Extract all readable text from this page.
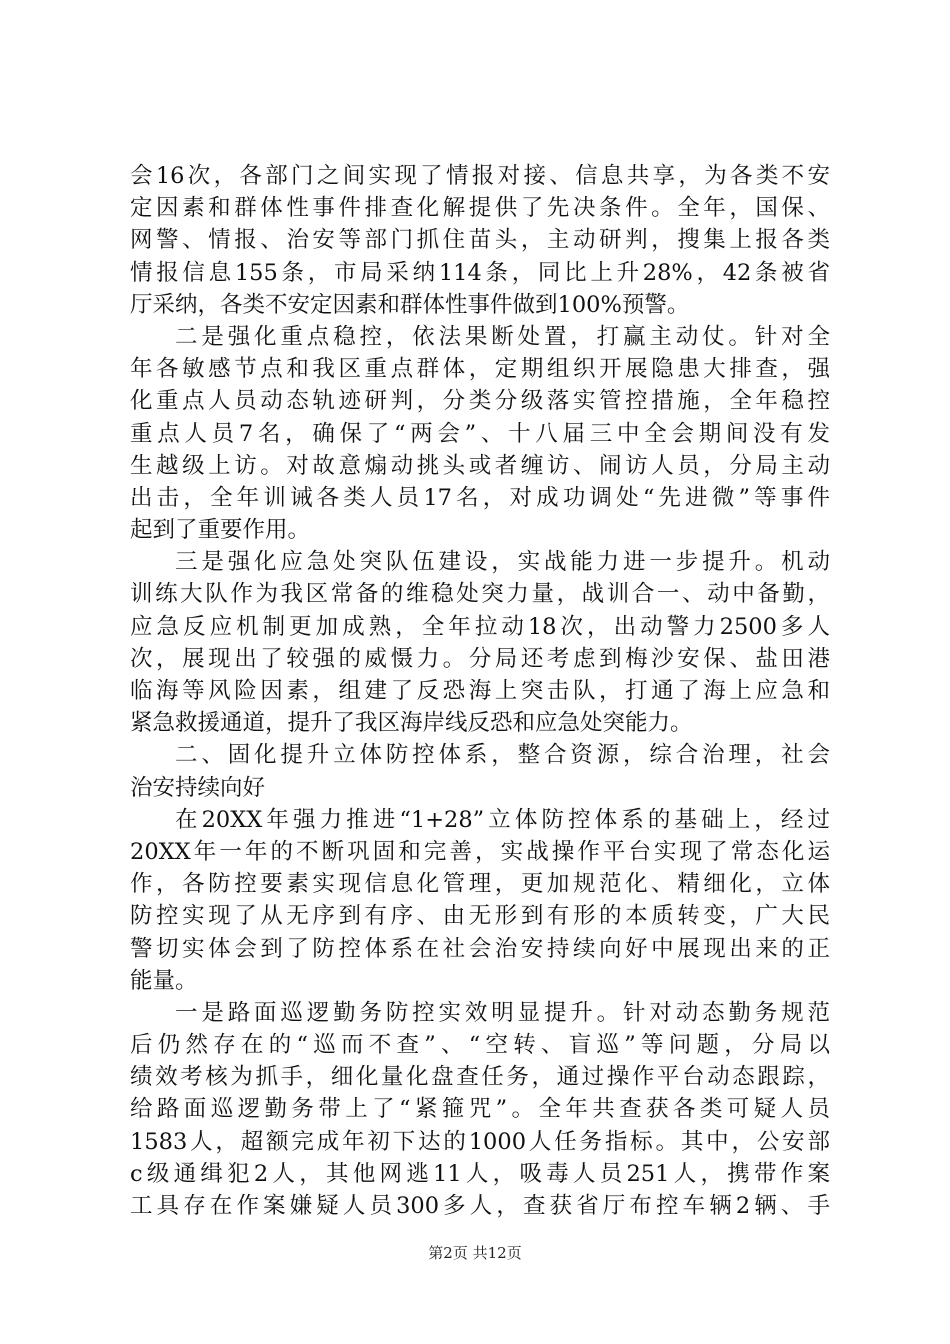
会16次，各部门之间实现了情报对接、信息共享，为各类不安
定因素和群体性事件排查化解提供了先决条件。全年，国保、
网警、情报、治安等部门抓住苗头，主动研判，搜集上报各类
情报信息155条，市局采纳114条，同比上升28%，42条被省
厅采纳，各类不安定因素和群体性事件做到100%预警。
二是强化重点稳控，依法果断处置，打赢主动仗。针对全
年各敏感节点和我区重点群体，定期组织开展隐患大排查，强
化重点人员动态轨迹研判，分类分级落实管控措施，全年稳控
重点人员7名，确保了“两会”、十八届三中全会期间没有发
生越级上访。对故意煽动挑头或者缠访、闹访人员，分局主动
出击，全年训诫各类人员17名，对成功调处“先进微”等事件
起到了重要作用。
三是强化应急处突队伍建设，实战能力进一步提升。机动
训练大队作为我区常备的维稳处突力量，战训合一、动中备勤，
应急反应机制更加成熟，全年拉动18次，出动警力2500多人
次，展现出了较强的威慑力。分局还考虑到梅沙安保、盐田港
临海等风险因素，组建了反恐海上突击队，打通了海上应急和
紧急救援通道，提升了我区海岸线反恐和应急处突能力。
二、固化提升立体防控体系，整合资源，综合治理，社会
治安持续向好
在20XX年强力推进“1+28”立体防控体系的基础上，经过
20XX年一年的不断巩固和完善，实战操作平台实现了常态化运
作，各防控要素实现信息化管理，更加规范化、精细化，立体
防控实现了从无序到有序、由无形到有形的本质转变，广大民
警切实体会到了防控体系在社会治安持续向好中展现出来的正
能量。
一是路面巡逻勤务防控实效明显提升。针对动态勤务规范
后仍然存在的“巡而不查”、“空转、盲巡”等问题，分局以
绩效考核为抓手，细化量化盘查任务，通过操作平台动态跟踪，
给路面巡逻勤务带上了“紧箍咒”。全年共查获各类可疑人员
1583人，超额完成年初下达的1000人任务指标。其中，公安部
c级通缉犯2人，其他网逃11人，吸毒人员251人，携带作案
工具存在作案嫌疑人员300多人，查获省厅布控车辆2辆、手
第2页 共12页
